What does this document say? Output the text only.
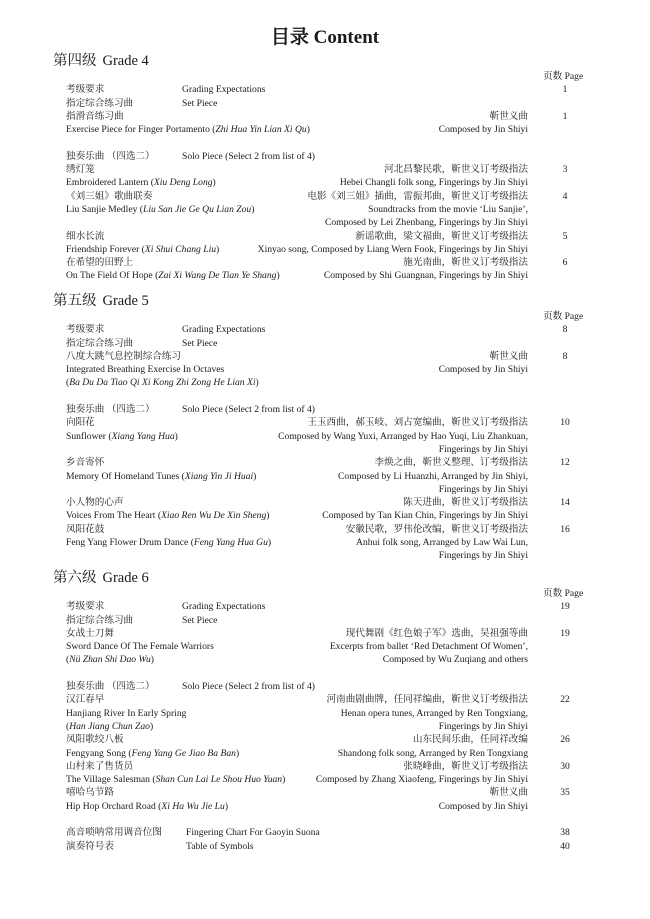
目录 Content
第四级 Grade 4
页数 Page
考级要求	Grading Expectations	1
指定综合练习曲	Set Piece
指滑音练习曲	靳世义曲	1
Exercise Piece for Finger Portamento (Zhi Hua Yin Lian Xi Qu)	Composed by Jin Shiyi
独奏乐曲 （四选二）	Solo Piece (Select 2 from list of 4)
绣灯笼	河北昌黎民歌，靳世义订考级指法	3
Embroidered Lantern (Xiu Deng Long)	Hebei Changli folk song, Fingerings by Jin Shiyi
《刘三姐》歌曲联奏	电影《刘三姐》插曲，雷振邦曲，靳世义订考级指法	4
Liu Sanjie Medley (Liu San Jie Ge Qu Lian Zou)	Soundtracks from the movie ‘Liu Sanjie’,
Composed by Lei Zhenbang, Fingerings by Jin Shiyi
细水长流	新谣歌曲，梁文福曲，靳世义订考级指法	5
Friendship Forever (Xi Shui Chang Liu)	Xinyao song, Composed by Liang Wern Fook, Fingerings by Jin Shiyi
在希望的田野上	施光南曲，靳世义订考级指法	6
On The Field Of Hope (Zai Xi Wang De Tian Ye Shang)	Composed by Shi Guangnan, Fingerings by Jin Shiyi
第五级 Grade 5
页数 Page
考级要求	Grading Expectations	8
指定综合练习曲	Set Piece
八度大跳气息控制综合练习	靳世义曲	8
Integrated Breathing Exercise In Octaves	Composed by Jin Shiyi
(Ba Du Da Tiao Qi Xi Kong Zhi Zong He Lian Xi)
独奏乐曲 （四选二）	Solo Piece (Select 2 from list of 4)
向阳花	王玉西曲，郝玉岐、刘占宽编曲，靳世义订考级指法	10
Sunflower (Xiang Yang Hua)	Composed by Wang Yuxi, Arranged by Hao Yuqi, Liu Zhankuan,
Fingerings by Jin Shiyi
乡音寄怀	李焕之曲，靳世义整理、订考级指法	12
Memory Of Homeland Tunes (Xiang Yin Ji Huai)	Composed by Li Huanzhi, Arranged by Jin Shiyi,
Fingerings by Jin Shiyi
小人物的心声	陈天进曲，靳世义订考级指法	14
Voices From The Heart (Xiao Ren Wu De Xin Sheng)	Composed by Tan Kian Chin, Fingerings by Jin Shiyi
凤阳花鼓	安徽民歌，罗伟伦改编，靳世义订考级指法	16
Feng Yang Flower Drum Dance (Feng Yang Hua Gu)	Anhui folk song, Arranged by Law Wai Lun,
Fingerings by Jin Shiyi
第六级 Grade 6
页数 Page
考级要求	Grading Expectations	19
指定综合练习曲	Set Piece
女战士刀舞	现代舞剧《红色娘子军》选曲，吴祖强等曲	19
Sword Dance Of The Female Warriors	Excerpts from ballet ‘Red Detachment Of Women’,
(Nü Zhan Shi Dao Wu)	Composed by Wu Zuqiang and others
独奏乐曲 （四选二）	Solo Piece (Select 2 from list of 4)
汉江春早	河南曲剧曲牌，任同祥编曲，靳世义订考级指法	22
Hanjiang River In Early Spring	Henan opera tunes, Arranged by Ren Tongxiang,
(Han Jiang Chun Zao)	Fingerings by Jin Shiyi
凤阳歌绞八板	山东民间乐曲，任同祥改编	26
Fengyang Song (Feng Yang Ge Jiao Ba Ban)	Shandong folk song, Arranged by Ren Tongxiang
山村来了售货员	张晓峰曲，靳世义订考级指法	30
The Village Salesman (Shan Cun Lai Le Shou Huo Yuan)	Composed by Zhang Xiaofeng, Fingerings by Jin Shiyi
嘻哈乌节路	靳世义曲	35
Hip Hop Orchard Road (Xi Ha Wu Jie Lu)	Composed by Jin Shiyi
高音唢呐常用调音位图	Fingering Chart For Gaoyin Suona	38
演奏符号表	Table of Symbols	40
